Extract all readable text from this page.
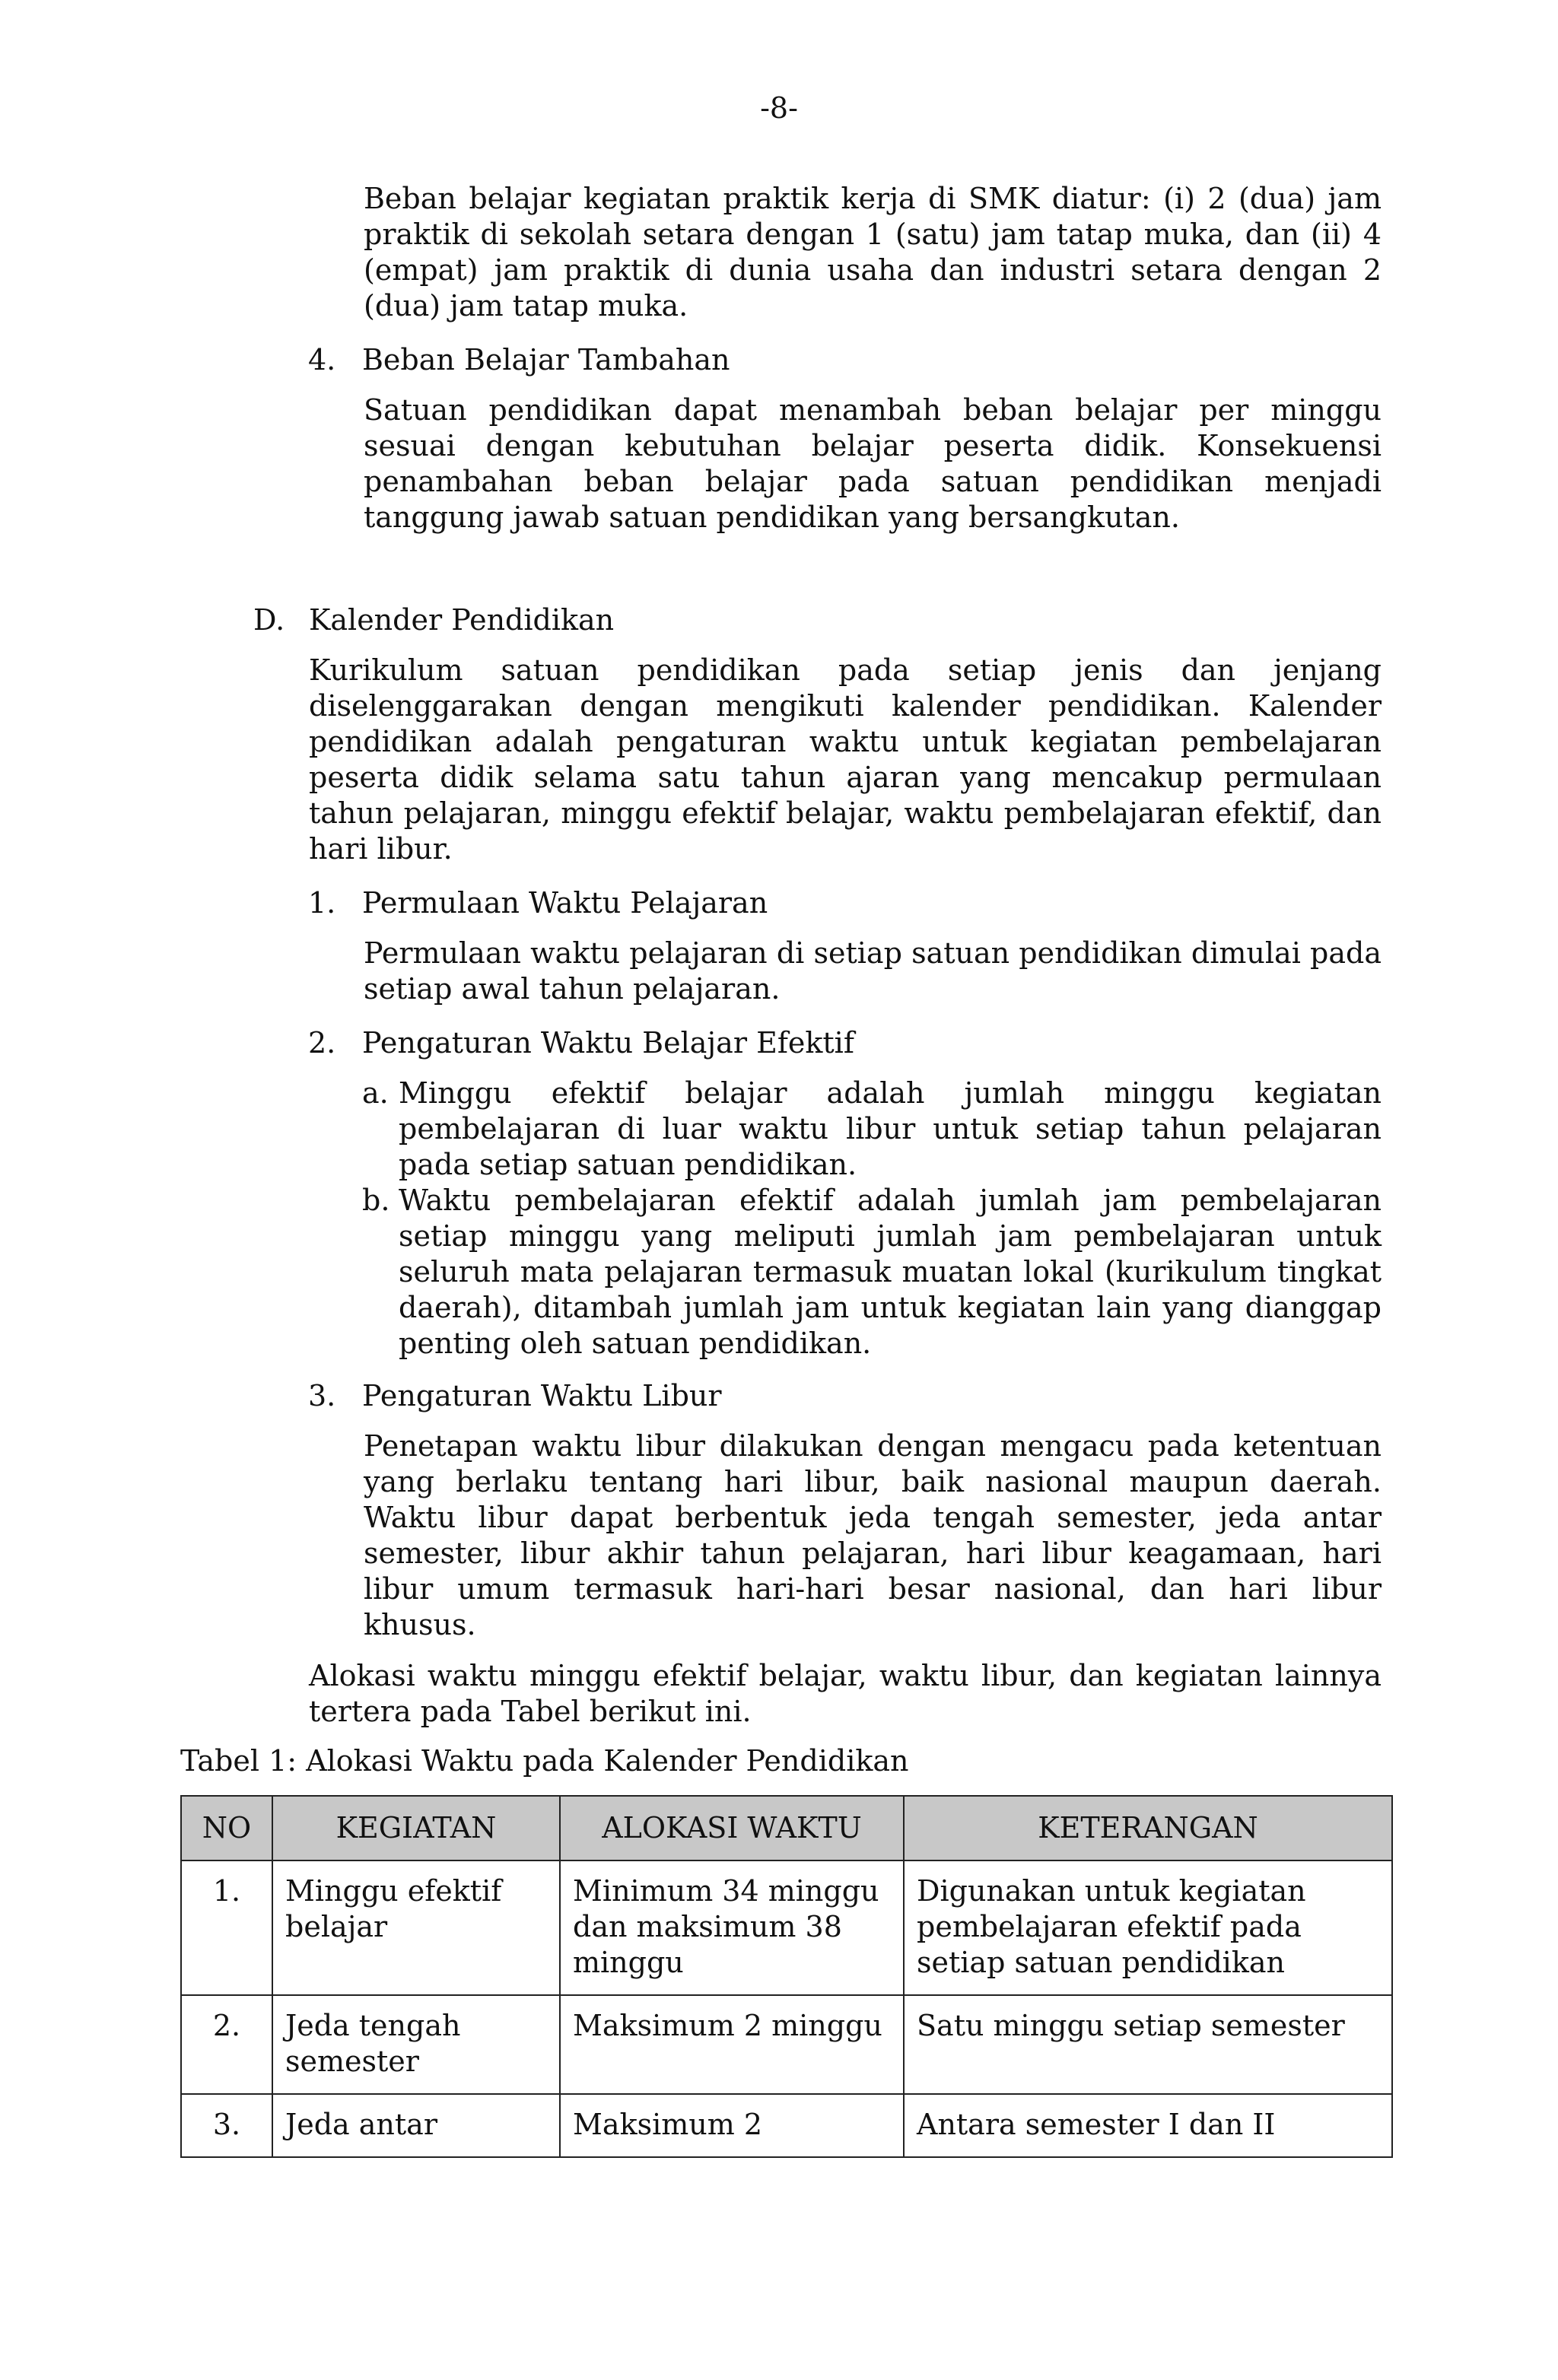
-8-

Beban belajar kegiatan praktik kerja di SMK diatur: (i) 2 (dua) jam praktik di sekolah setara dengan 1 (satu) jam tatap muka, dan (ii) 4 (empat) jam praktik di dunia usaha dan industri setara dengan 2 (dua) jam tatap muka.

4. Beban Belajar Tambahan

Satuan pendidikan dapat menambah beban belajar per minggu sesuai dengan kebutuhan belajar peserta didik. Konsekuensi penambahan beban belajar pada satuan pendidikan menjadi tanggung jawab satuan pendidikan yang bersangkutan.

D. Kalender Pendidikan

Kurikulum satuan pendidikan pada setiap jenis dan jenjang diselenggarakan dengan mengikuti kalender pendidikan. Kalender pendidikan adalah pengaturan waktu untuk kegiatan pembelajaran peserta didik selama satu tahun ajaran yang mencakup permulaan tahun pelajaran, minggu efektif belajar, waktu pembelajaran efektif, dan hari libur.

1. Permulaan Waktu Pelajaran

Permulaan waktu pelajaran di setiap satuan pendidikan dimulai pada setiap awal tahun pelajaran.

2. Pengaturan Waktu Belajar Efektif
a. Minggu efektif belajar adalah jumlah minggu kegiatan pembelajaran di luar waktu libur untuk setiap tahun pelajaran pada setiap satuan pendidikan.

b. Waktu pembelajaran efektif adalah jumlah jam pembelajaran setiap minggu yang meliputi jumlah jam pembelajaran untuk seluruh mata pelajaran termasuk muatan lokal (kurikulum tingkat daerah), ditambah jumlah jam untuk kegiatan lain yang dianggap penting oleh satuan pendidikan.

3. Pengaturan Waktu Libur

Penetapan waktu libur dilakukan dengan mengacu pada ketentuan yang berlaku tentang hari libur, baik nasional maupun daerah. Waktu libur dapat berbentuk jeda tengah semester, jeda antar semester, libur akhir tahun pelajaran, hari libur keagamaan, hari libur umum termasuk hari-hari besar nasional, dan hari libur khusus.

Alokasi waktu minggu efektif belajar, waktu libur, dan kegiatan lainnya tertera pada Tabel berikut ini.

Tabel 1: Alokasi Waktu pada Kalender Pendidikan
NO	KEGIATAN	ALOKASI WAKTU	KETERANGAN
1.	Minggu efektif belajar	Minimum 34 minggu dan maksimum 38 minggu	Digunakan untuk kegiatan pembelajaran efektif pada setiap satuan pendidikan
2.	Jeda tengah semester	Maksimum 2 minggu	Satu minggu setiap semester
3.	Jeda antar	Maksimum 2	Antara semester I dan II
